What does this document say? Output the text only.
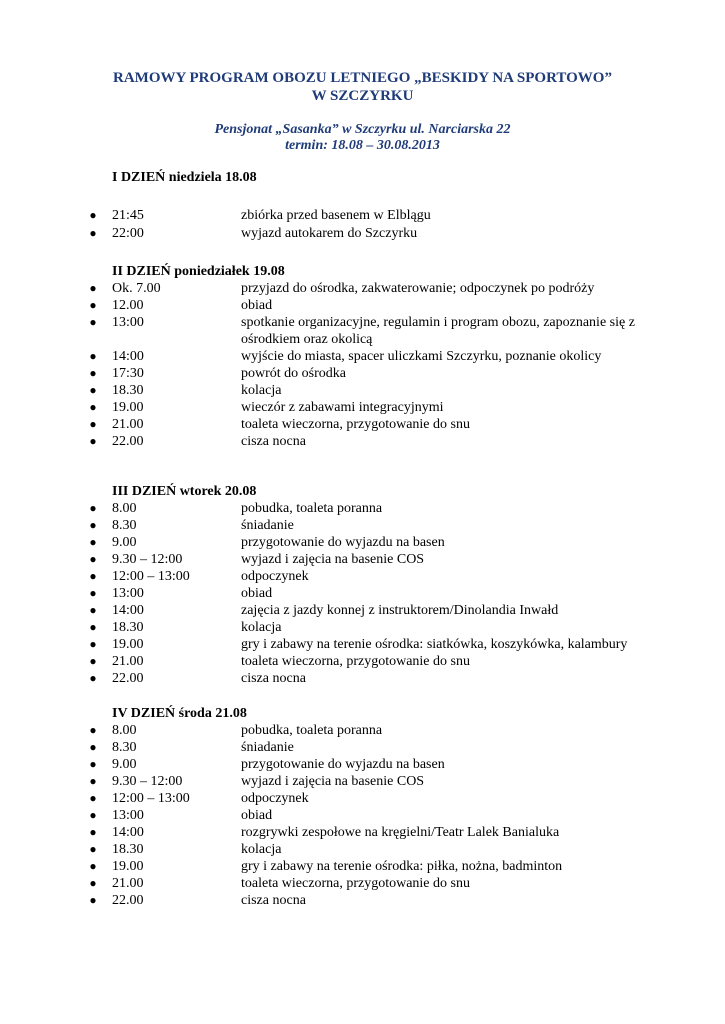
RAMOWY PROGRAM OBOZU LETNIEGO „BESKIDY NA SPORTOWO”
W SZCZYRKU
Pensjonat „Sasanka” w Szczyrku ul. Narciarska 22
termin: 18.08 – 30.08.2013
I DZIEŃ niedziela 18.08
● 21:45	zbiórka przed basenem w Elblągu
● 22:00	wyjazd autokarem do Szczyrku
II DZIEŃ poniedziałek 19.08
● Ok. 7.00	przyjazd do ośrodka, zakwaterowanie; odpoczynek po podróży
● 12.00	obiad
● 13:00	spotkanie organizacyjne, regulamin i program obozu, zapoznanie się z ośrodkiem oraz okolicą
● 14:00	wyjście do miasta, spacer uliczkami Szczyrku, poznanie okolicy
● 17:30	powrót do ośrodka
● 18.30	kolacja
● 19.00	wieczór z zabawami integracyjnymi
● 21.00	toaleta wieczorna, przygotowanie do snu
● 22.00	cisza nocna
III DZIEŃ wtorek 20.08
● 8.00	pobudka, toaleta poranna
● 8.30	śniadanie
● 9.00	przygotowanie do wyjazdu na basen
● 9.30 – 12:00	wyjazd i zajęcia na basenie COS
● 12:00 – 13:00	odpoczynek
● 13:00	obiad
● 14:00	zajęcia z jazdy konnej z instruktorem/Dinolandia Inwałd
● 18.30	kolacja
● 19.00	gry i zabawy na terenie ośrodka: siatkówka, koszykówka, kalambury
● 21.00	toaleta wieczorna, przygotowanie do snu
● 22.00	cisza nocna
IV DZIEŃ środa 21.08
● 8.00	pobudka, toaleta poranna
● 8.30	śniadanie
● 9.00	przygotowanie do wyjazdu na basen
● 9.30 – 12:00	wyjazd i zajęcia na basenie COS
● 12:00 – 13:00	odpoczynek
● 13:00	obiad
● 14:00	rozgrywki zespołowe na kręgielni/Teatr Lalek Banialuka
● 18.30	kolacja
● 19.00	gry i zabawy na terenie ośrodka: piłka, nożna, badminton
● 21.00	toaleta wieczorna, przygotowanie do snu
● 22.00	cisza nocna
